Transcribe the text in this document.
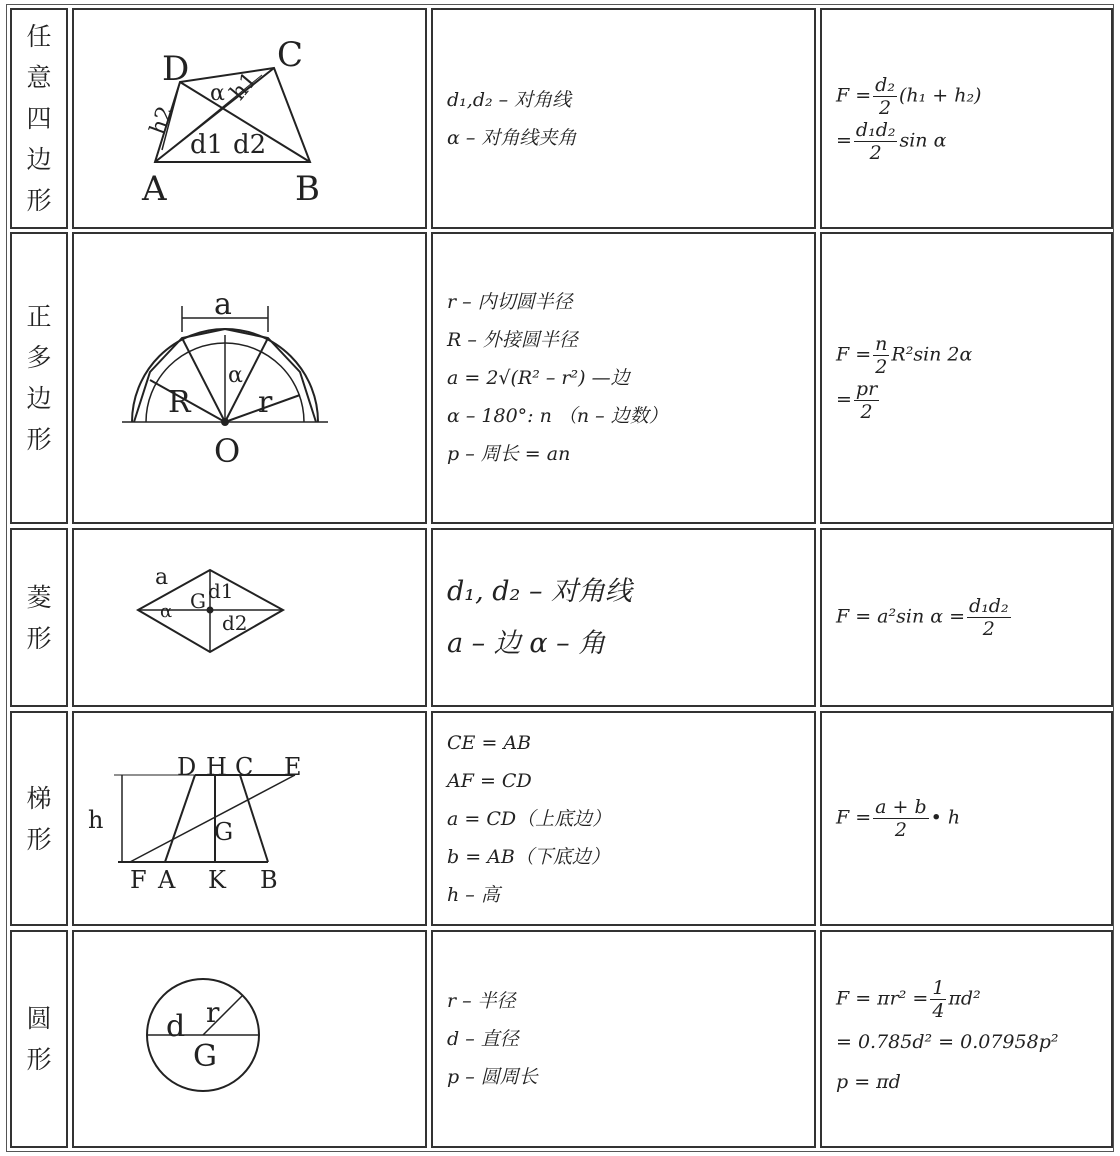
任
意
四
边
形
d₁,d₂ – 对角线
α – 对角线夹角
$F = \frac{\text{d₂}}{2} (h_1 + h_2)$
= $\frac{\text{d₁d₂}}{2}$ sin α
正
多
边
形
r – 内切圆半径
R – 外接圆半径
a = 2√(R² – r²) —边
α – 180°: n （n – 边数）
p – 周长 = an
$F = \frac{n}{2} R^2\sin$ 2α
= $\frac{pr}{2}$
菱
形
d₁, d₂ – 对角线
a – 边 α – 角
F = a²sin $\alpha = \frac{\text{d₁d₂}}{2}$
梯
形
CE = AB
AF = CD
a = CD（上底边）
b = AB（下底边）
h – 高
$F = \frac{a + b}{2}$ • h
圆
形
r – 半径
d – 直径
p – 圆周长
$F = \pi r^2 = \frac{1}{4} \pi d^2$
= 0.785d² = 0.07958p²
p = πd
A	B
C
D
h2
h1
α
d1 d2
a
α
R r
O
a
α G d1
d2
D H C E
h	G
F A K B
d r
G
